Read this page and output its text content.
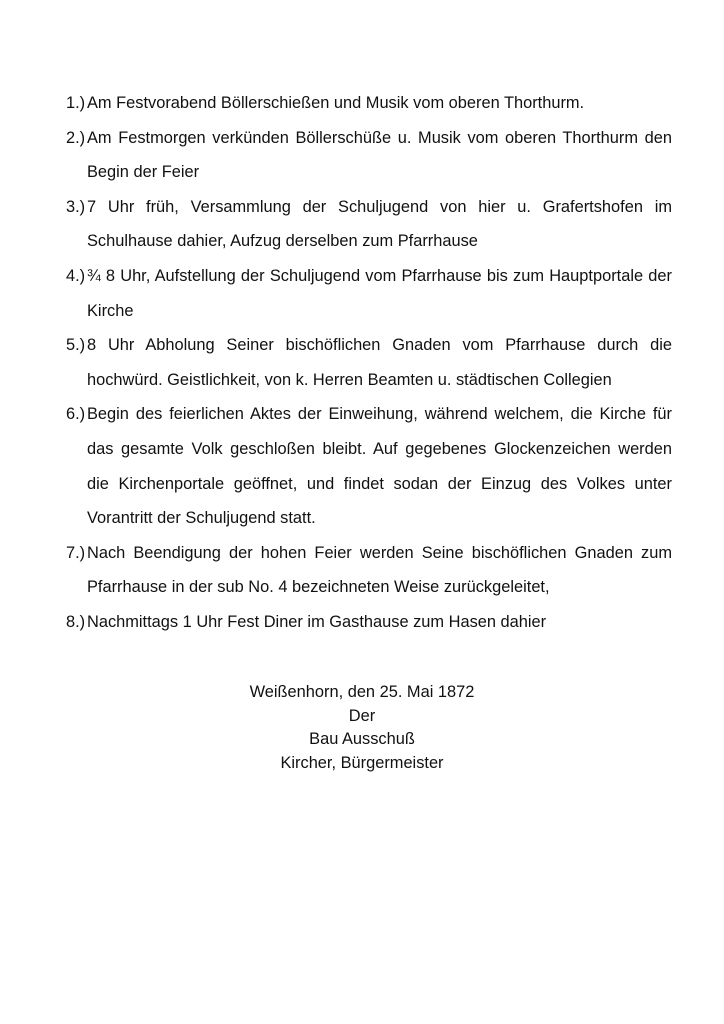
1.) Am Festvorabend Böllerschießen und Musik vom oberen Thorthurm.
2.) Am Festmorgen verkünden Böllerschüße u. Musik vom oberen Thorthurm den Begin der Feier
3.) 7 Uhr früh, Versammlung der Schuljugend von hier u. Grafertshofen im Schulhause dahier, Aufzug derselben zum Pfarrhause
4.) ¾ 8 Uhr, Aufstellung der Schuljugend vom Pfarrhause bis zum Hauptportale der Kirche
5.) 8 Uhr Abholung Seiner bischöflichen Gnaden vom Pfarrhause durch die hochwürd. Geistlichkeit, von k. Herren Beamten u. städtischen Collegien
6.) Begin des feierlichen Aktes der Einweihung, während welchem, die Kirche für das gesamte Volk geschloßen bleibt. Auf gegebenes Glockenzeichen werden die Kirchenportale geöffnet, und findet sodan der Einzug des Volkes unter Vorantritt der Schuljugend statt.
7.) Nach Beendigung der hohen Feier werden Seine bischöflichen Gnaden zum Pfarrhause in der sub No. 4 bezeichneten Weise zurückgeleitet,
8.) Nachmittags 1 Uhr Fest Diner im Gasthause zum Hasen dahier
Weißenhorn, den 25. Mai 1872
Der
Bau Ausschuß
Kircher, Bürgermeister
